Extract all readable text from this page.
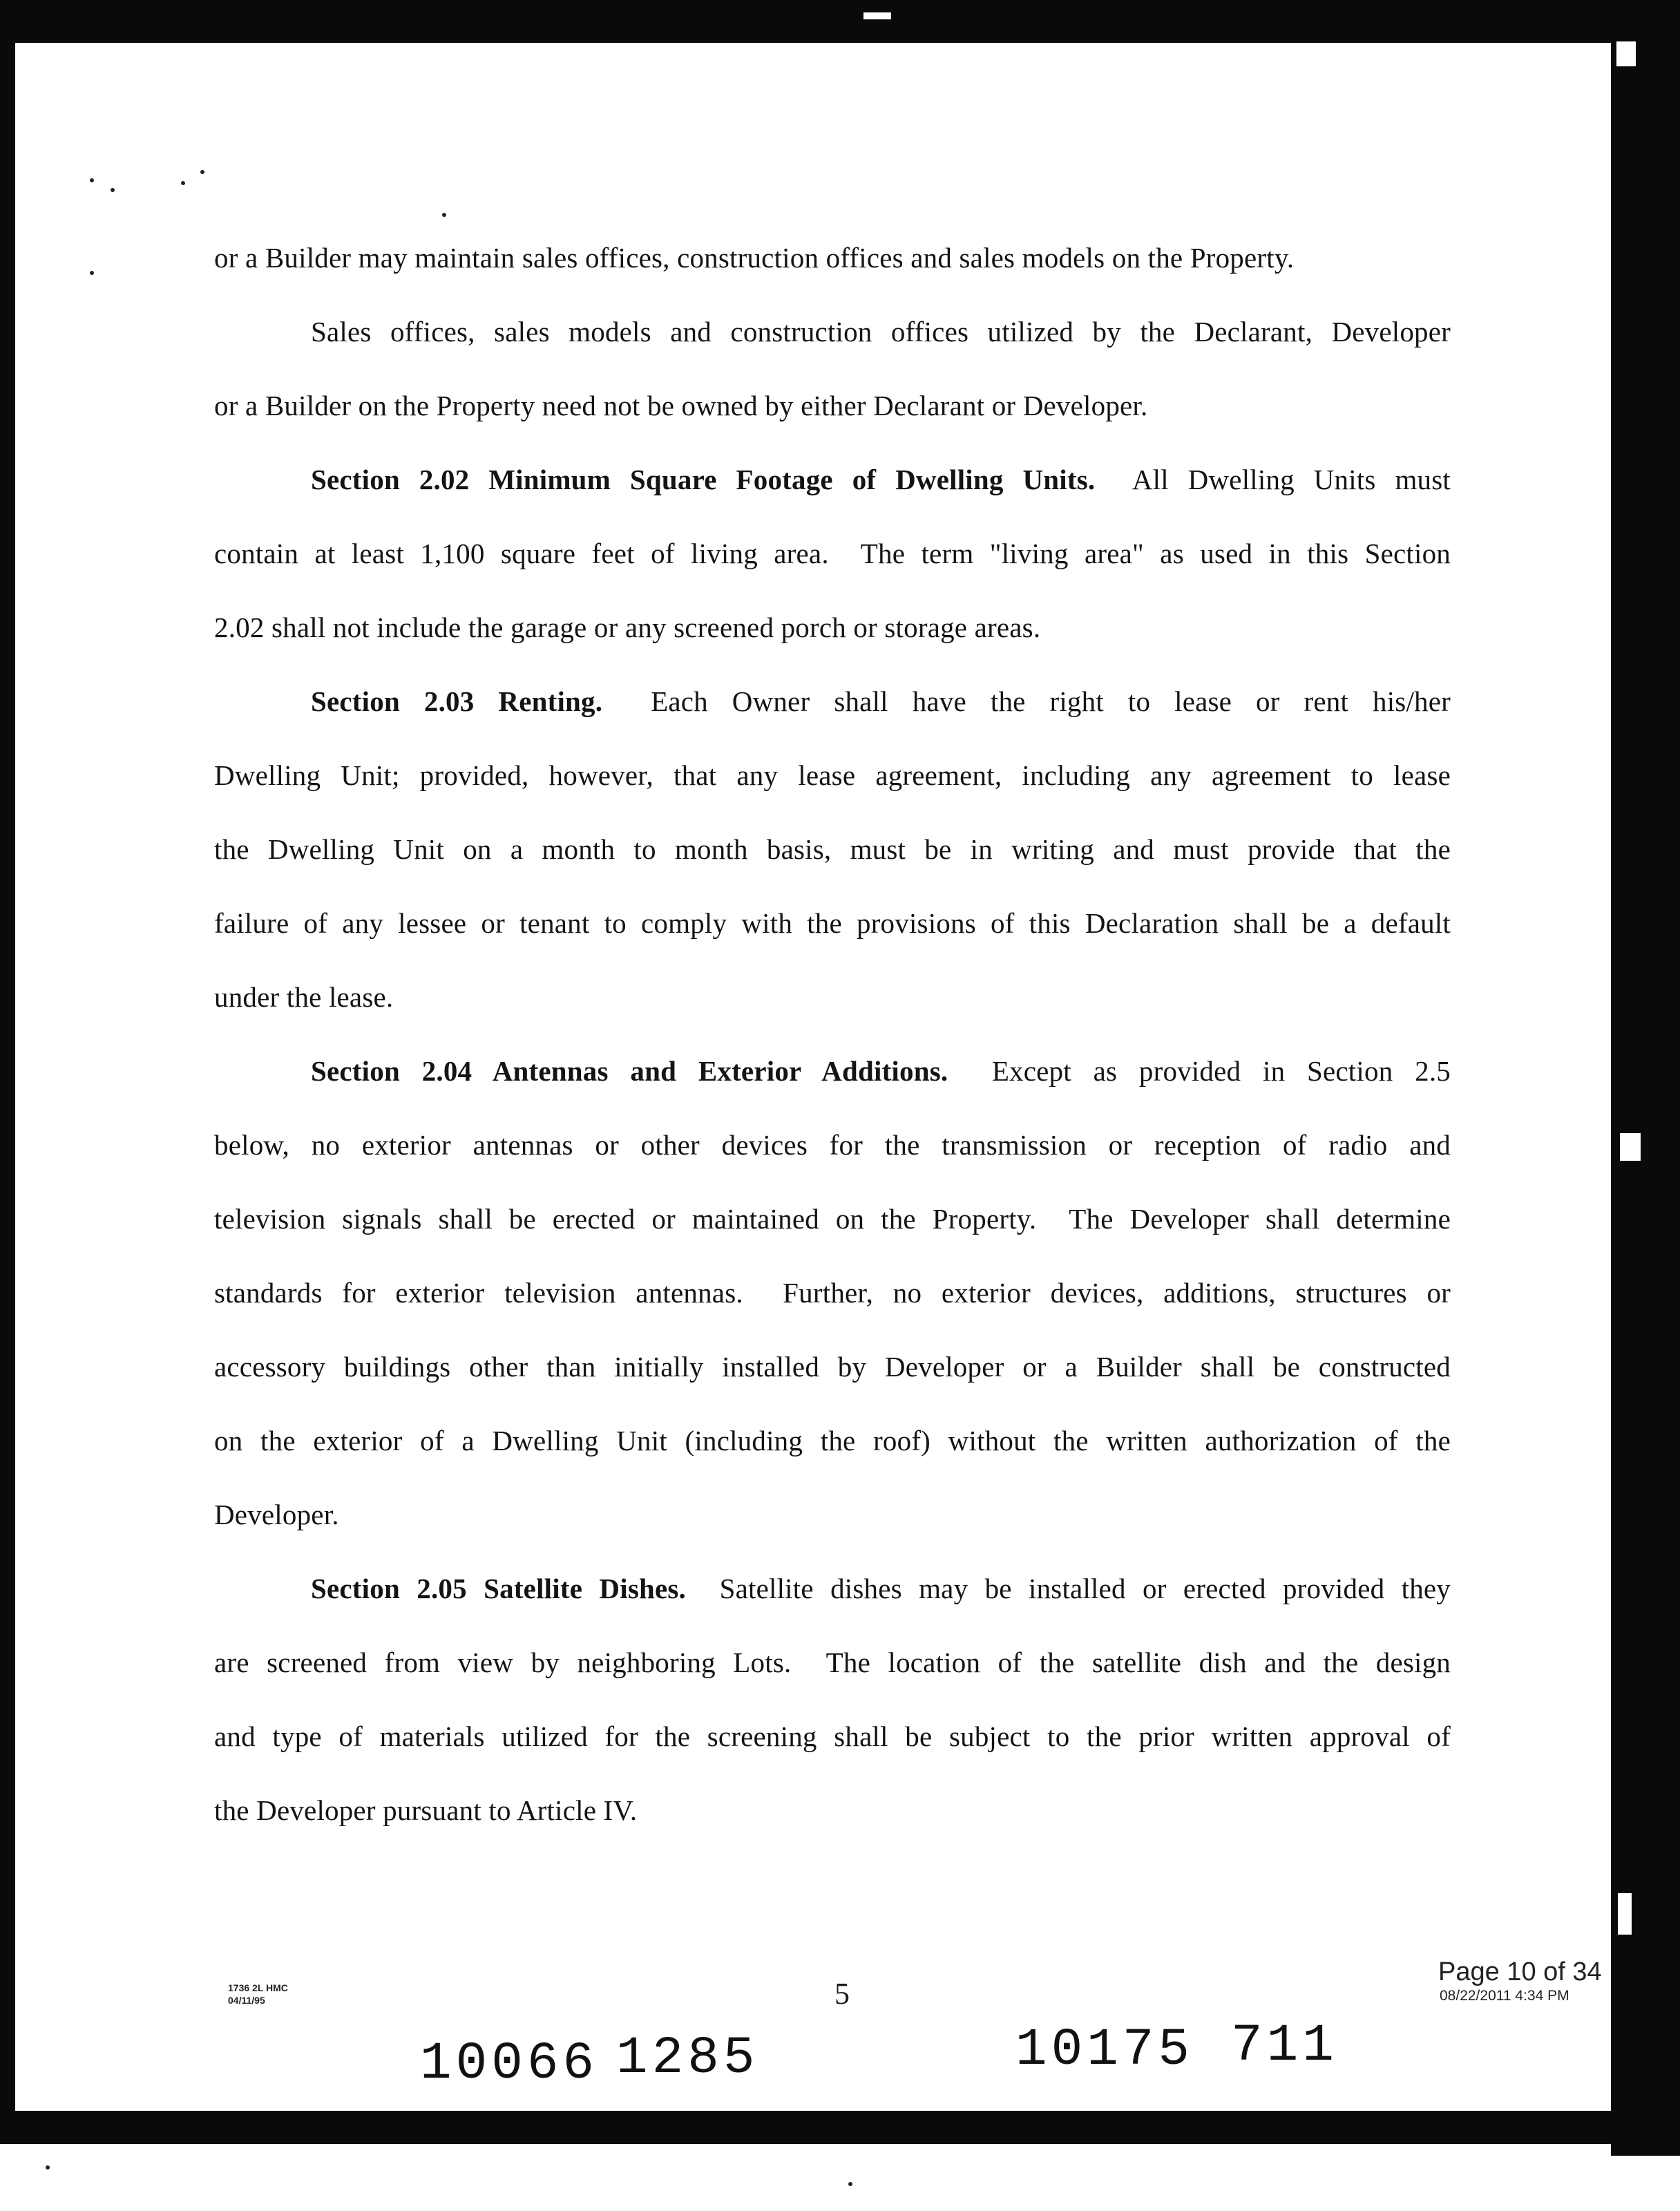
or a Builder may maintain sales offices, construction offices and sales models on the Property.
Sales offices, sales models and construction offices utilized by the Declarant, Developer
or a Builder on the Property need not be owned by either Declarant or Developer.
Section 2.02 Minimum Square Footage of Dwelling Units.  All Dwelling Units must
contain at least 1,100 square feet of living area.  The term "living area" as used in this Section
2.02 shall not include the garage or any screened porch or storage areas.
Section 2.03 Renting.  Each Owner shall have the right to lease or rent his/her
Dwelling Unit; provided, however, that any lease agreement, including any agreement to lease
the Dwelling Unit on a month to month basis, must be in writing and must provide that the
failure of any lessee or tenant to comply with the provisions of this Declaration shall be a default
under the lease.
Section 2.04 Antennas and Exterior Additions.  Except as provided in Section 2.5
below, no exterior antennas or other devices for the transmission or reception of radio and
television signals shall be erected or maintained on the Property.  The Developer shall determine
standards for exterior television antennas.  Further, no exterior devices, additions, structures or
accessory buildings other than initially installed by Developer or a Builder shall be constructed
on the exterior of a Dwelling Unit (including the roof) without the written authorization of the
Developer.
Section 2.05 Satellite Dishes.  Satellite dishes may be installed or erected provided they
are screened from view by neighboring Lots.  The location of the satellite dish and the design
and type of materials utilized for the screening shall be subject to the prior written approval of
the Developer pursuant to Article IV.
1736 2L HMC
04/11/95	5
Page 10 of 34
08/22/2011 4:34 PM
10066 1285	10175 711
